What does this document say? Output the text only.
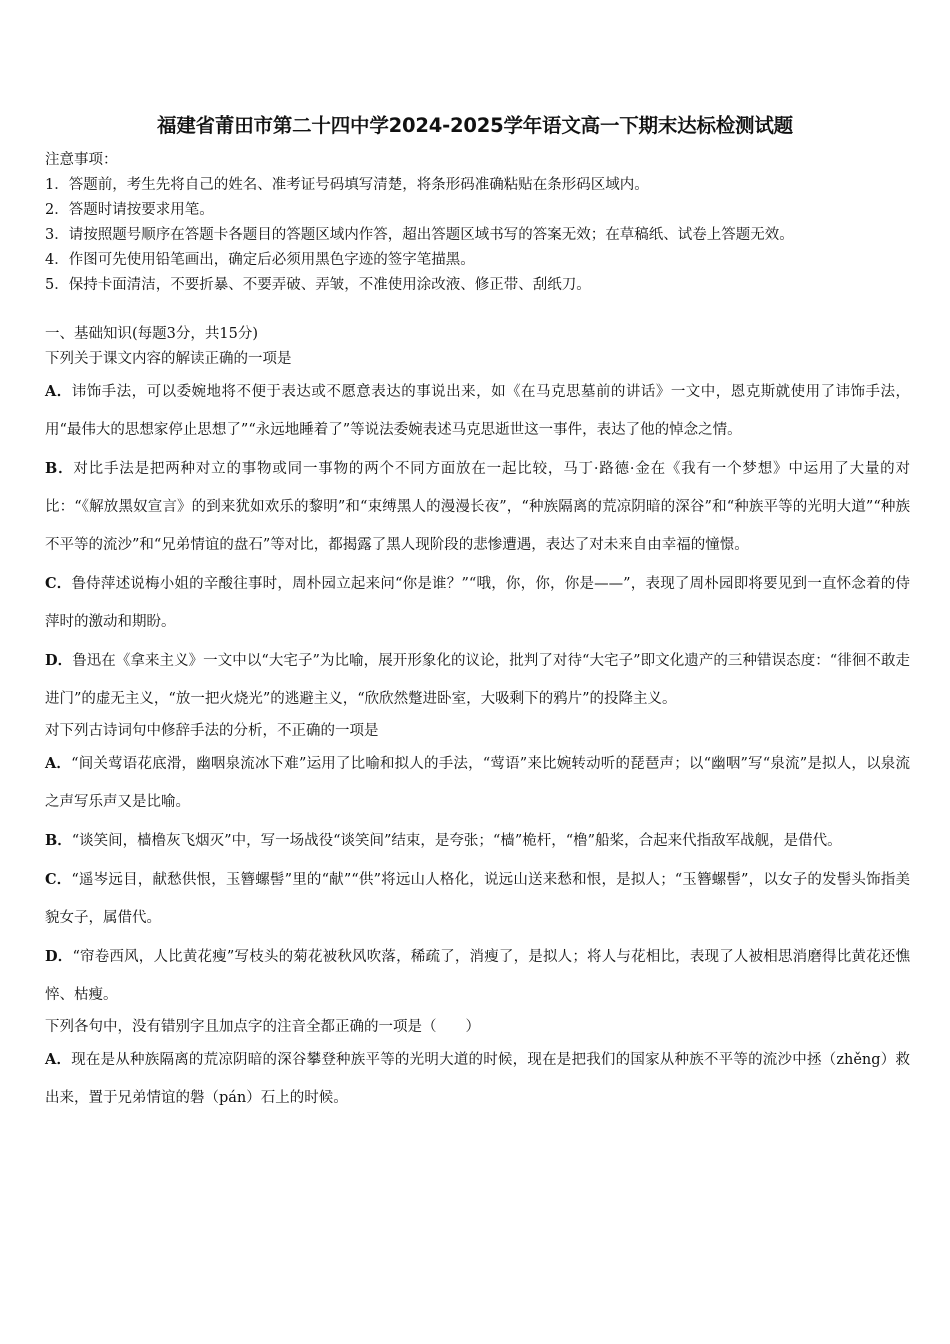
福建省莆田市第二十四中学2024-2025学年语文高一下期末达标检测试题
注意事项：
1．答题前，考生先将自己的姓名、准考证号码填写清楚，将条形码准确粘贴在条形码区域内。
2．答题时请按要求用笔。
3．请按照题号顺序在答题卡各题目的答题区域内作答，超出答题区域书写的答案无效；在草稿纸、试卷上答题无效。
4．作图可先使用铅笔画出，确定后必须用黑色字迹的签字笔描黑。
5．保持卡面清洁，不要折暴、不要弄破、弄皱，不准使用涂改液、修正带、刮纸刀。
一、基础知识(每题3分，共15分)
下列关于课文内容的解读正确的一项是
A．讳饰手法，可以委婉地将不便于表达或不愿意表达的事说出来，如《在马克思墓前的讲话》一文中，恩克斯就使用了讳饰手法，用“最伟大的思想家停止思想了”“永远地睡着了”等说法委婉表述马克思逝世这一事件，表达了他的悼念之情。
B．对比手法是把两种对立的事物或同一事物的两个不同方面放在一起比较，马丁·路德·金在《我有一个梦想》中运用了大量的对比：“《解放黑奴宣言》的到来犹如欢乐的黎明”和“束缚黑人的漫漫长夜”，“种族隔离的荒凉阴暗的深谷”和“种族平等的光明大道”“种族不平等的流沙”和“兄弟情谊的盘石”等对比，都揭露了黑人现阶段的悲惨遭遇，表达了对未来自由幸福的憧憬。
C．鲁侍萍述说梅小姐的辛酸往事时，周朴园立起来问“你是谁？”“哦，你，你，你是——”，表现了周朴园即将要见到一直怀念着的侍萍时的激动和期盼。
D．鲁迅在《拿来主义》一文中以“大宅子”为比喻，展开形象化的议论，批判了对待“大宅子”即文化遗产的三种错误态度：“徘徊不敢走进门”的虚无主义，“放一把火烧光”的逃避主义，“欣欣然蹩进卧室，大吸剩下的鸦片”的投降主义。
对下列古诗词句中修辞手法的分析，不正确的一项是
A．“间关莺语花底滑，幽咽泉流冰下难”运用了比喻和拟人的手法，“莺语”来比婉转动听的琵琶声；以“幽咽”写“泉流”是拟人，以泉流之声写乐声又是比喻。
B．“谈笑间，樯橹灰飞烟灭”中，写一场战役“谈笑间”结束，是夸张；“樯”桅杆，“橹”船桨，合起来代指敌军战舰，是借代。
C．“遥岑远目，献愁供恨，玉簪螺髻”里的“献”“供”将远山人格化，说远山送来愁和恨，是拟人；“玉簪螺髻”，以女子的发髻头饰指美貌女子，属借代。
D．“帘卷西风，人比黄花瘦”写枝头的菊花被秋风吹落，稀疏了，消瘦了，是拟人；将人与花相比，表现了人被相思消磨得比黄花还憔悴、枯瘦。
下列各句中，没有错别字且加点字的注音全都正确的一项是（　　）
A．现在是从种族隔离的荒凉阴暗的深谷攀登种族平等的光明大道的时候，现在是把我们的国家从种族不平等的流沙中拯（zhěng）救出来，置于兄弟情谊的磐（pán）石上的时候。
